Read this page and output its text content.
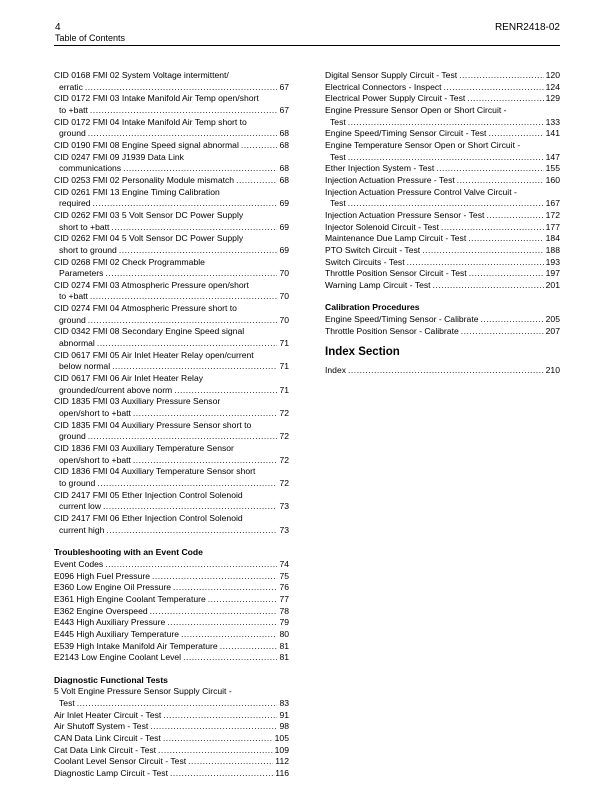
4
Table of Contents
RENR2418-02
CID 0168 FMI 02 System Voltage intermittent/
erratic .....	67
CID 0172 FMI 03 Intake Manifold Air Temp open/short
to +batt .....	67
CID 0172 FMI 04 Intake Manifold Air Temp short to
ground .....	68
CID 0190 FMI 08 Engine Speed signal abnormal .....	68
CID 0247 FMI 09 J1939 Data Link
communications .....	68
CID 0253 FMI 02 Personality Module mismatch .....	68
CID 0261 FMI 13 Engine Timing Calibration
required .....	69
CID 0262 FMI 03 5 Volt Sensor DC Power Supply
short to +batt .....	69
CID 0262 FMI 04 5 Volt Sensor DC Power Supply
short to ground .....	69
CID 0268 FMI 02 Check Programmable
Parameters .....	70
CID 0274 FMI 03 Atmospheric Pressure open/short
to +batt .....	70
CID 0274 FMI 04 Atmospheric Pressure short to
ground .....	70
CID 0342 FMI 08 Secondary Engine Speed signal
abnormal .....	71
CID 0617 FMI 05 Air Inlet Heater Relay open/current
below normal .....	71
CID 0617 FMI 06 Air Inlet Heater Relay
grounded/current above norm .....	71
CID 1835 FMI 03 Auxiliary Pressure Sensor
open/short to +batt .....	72
CID 1835 FMI 04 Auxiliary Pressure Sensor short to
ground .....	72
CID 1836 FMI 03 Auxiliary Temperature Sensor
open/short to +batt .....	72
CID 1836 FMI 04 Auxiliary Temperature Sensor short
to ground .....	72
CID 2417 FMI 05 Ether Injection Control Solenoid
current low .....	73
CID 2417 FMI 06 Ether Injection Control Solenoid
current high .....	73
Troubleshooting with an Event Code
Event Codes .....	74
E096 High Fuel Pressure .....	75
E360 Low Engine Oil Pressure .....	76
E361 High Engine Coolant Temperature .....	77
E362 Engine Overspeed .....	78
E443 High Auxiliary Pressure .....	79
E445 High Auxiliary Temperature .....	80
E539 High Intake Manifold Air Temperature .....	81
E2143 Low Engine Coolant Level .....	81
Diagnostic Functional Tests
5 Volt Engine Pressure Sensor Supply Circuit -
Test .....	83
Air Inlet Heater Circuit - Test .....	91
Air Shutoff System - Test .....	98
CAN Data Link Circuit - Test .....	105
Cat Data Link Circuit - Test .....	109
Coolant Level Sensor Circuit - Test .....	112
Diagnostic Lamp Circuit - Test .....	116
Digital Sensor Supply Circuit - Test .....	120
Electrical Connectors - Inspect .....	124
Electrical Power Supply Circuit - Test .....	129
Engine Pressure Sensor Open or Short Circuit -
Test .....	133
Engine Speed/Timing Sensor Circuit - Test .....	141
Engine Temperature Sensor Open or Short Circuit -
Test .....	147
Ether Injection System - Test .....	155
Injection Actuation Pressure - Test .....	160
Injection Actuation Pressure Control Valve Circuit -
Test .....	167
Injection Actuation Pressure Sensor - Test .....	172
Injector Solenoid Circuit - Test .....	177
Maintenance Due Lamp Circuit - Test .....	184
PTO Switch Circuit - Test .....	188
Switch Circuits - Test .....	193
Throttle Position Sensor Circuit - Test .....	197
Warning Lamp Circuit - Test .....	201
Calibration Procedures
Engine Speed/Timing Sensor - Calibrate .....	205
Throttle Position Sensor - Calibrate .....	207
Index Section
Index .....	210
